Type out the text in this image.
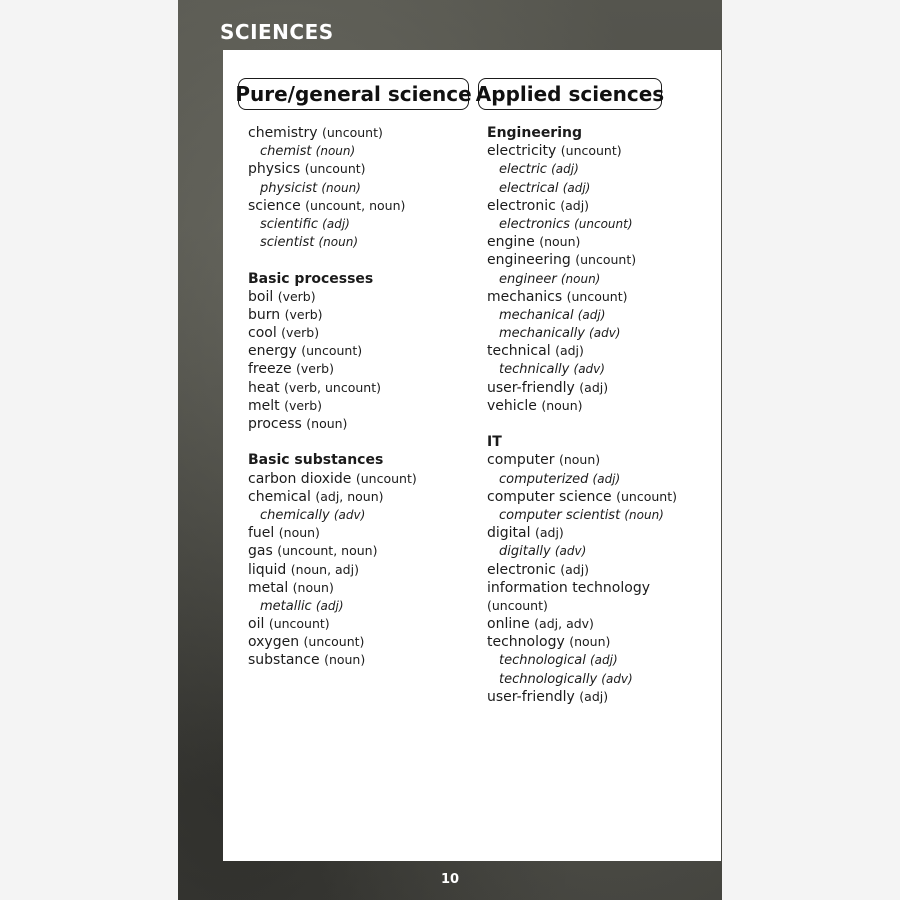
SCIENCES
Pure/general science Applied sciences
chemistry (uncount)
chemist (noun)
physics (uncount)
physicist (noun)
science (uncount, noun)
scientific (adj)
scientist (noun)
Basic processes
boil (verb)
burn (verb)
cool (verb)
energy (uncount)
freeze (verb)
heat (verb, uncount)
melt (verb)
process (noun)
Basic substances
carbon dioxide (uncount)
chemical (adj, noun)
chemically (adv)
fuel (noun)
gas (uncount, noun)
liquid (noun, adj)
metal (noun)
metallic (adj)
oil (uncount)
oxygen (uncount)
substance (noun)
Engineering
electricity (uncount)
electric (adj)
electrical (adj)
electronic (adj)
electronics (uncount)
engine (noun)
engineering (uncount)
engineer (noun)
mechanics (uncount)
mechanical (adj)
mechanically (adv)
technical (adj)
technically (adv)
user-friendly (adj)
vehicle (noun)
IT
computer (noun)
computerized (adj)
computer science (uncount)
computer scientist (noun)
digital (adj)
digitally (adv)
electronic (adj)
information technology
(uncount)
online (adj, adv)
technology (noun)
technological (adj)
technologically (adv)
user-friendly (adj)
10
